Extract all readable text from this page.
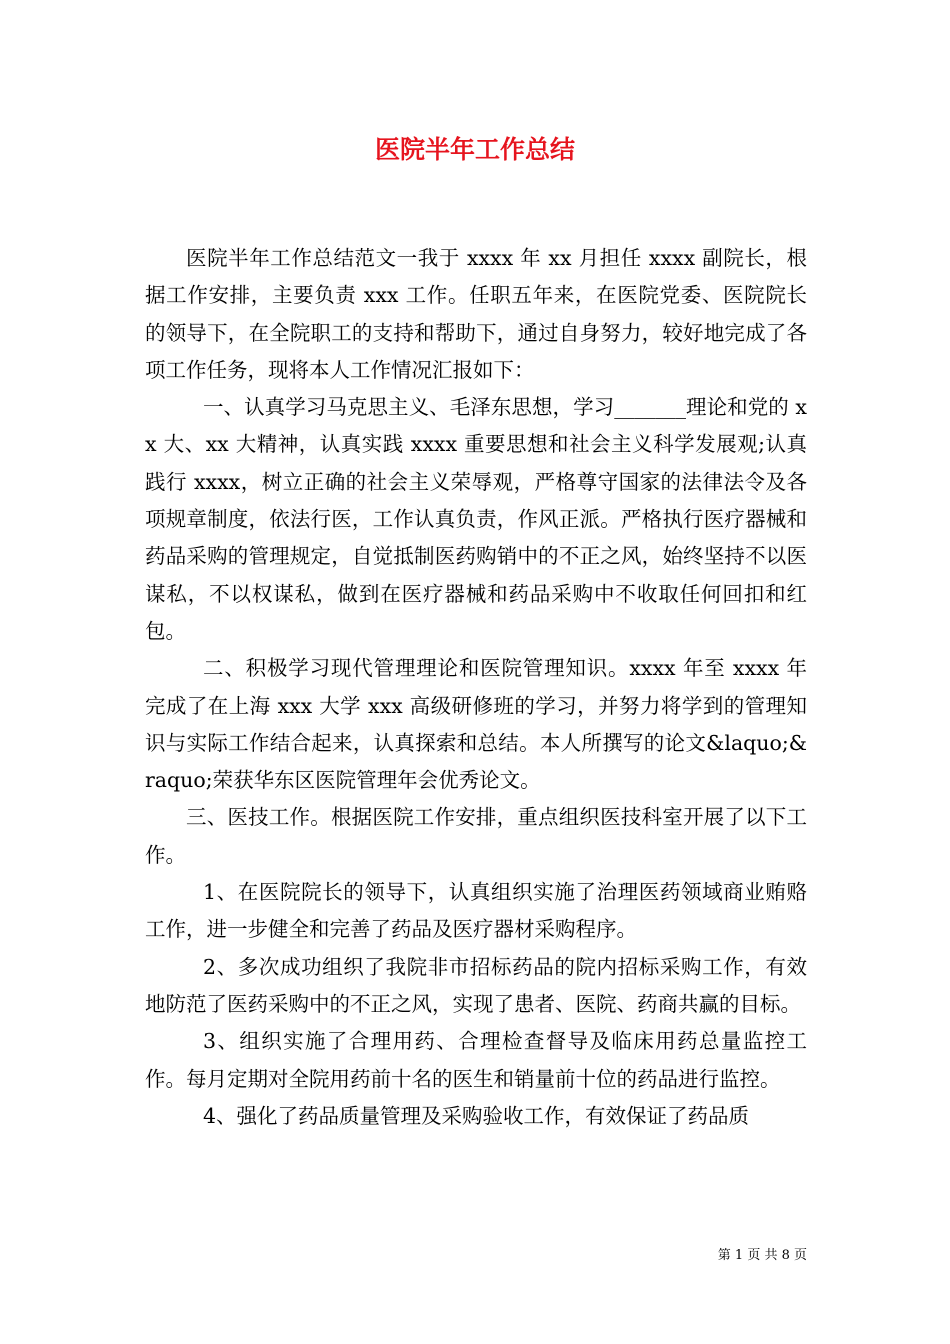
医院半年工作总结

医院半年工作总结范文一我于 xxxx 年 xx 月担任 xxxx 副院长，根据工作安排，主要负责 xxx 工作。任职五年来，在医院党委、医院院长的领导下，在全院职工的支持和帮助下，通过自身努力，较好地完成了各项工作任务，现将本人工作情况汇报如下：

一、认真学习马克思主义、毛泽东思想，学习_______理论和党的 xx 大、xx 大精神，认真实践 xxxx 重要思想和社会主义科学发展观;认真践行 xxxx，树立正确的社会主义荣辱观，严格尊守国家的法律法令及各项规章制度，依法行医，工作认真负责，作风正派。严格执行医疗器械和药品采购的管理规定，自觉抵制医药购销中的不正之风，始终坚持不以医谋私，不以权谋私，做到在医疗器械和药品采购中不收取任何回扣和红包。

二、积极学习现代管理理论和医院管理知识。xxxx 年至 xxxx 年完成了在上海 xxx 大学 xxx 高级研修班的学习，并努力将学到的管理知识与实际工作结合起来，认真探索和总结。本人所撰写的论文&laquo;&raquo;荣获华东区医院管理年会优秀论文。

三、医技工作。根据医院工作安排，重点组织医技科室开展了以下工作。

1、在医院院长的领导下，认真组织实施了治理医药领域商业贿赂工作，进一步健全和完善了药品及医疗器材采购程序。

2、多次成功组织了我院非市招标药品的院内招标采购工作，有效地防范了医药采购中的不正之风，实现了患者、医院、药商共赢的目标。

3、组织实施了合理用药、合理检查督导及临床用药总量监控工作。每月定期对全院用药前十名的医生和销量前十位的药品进行监控。

4、强化了药品质量管理及采购验收工作，有效保证了药品质

第 1 页 共 8 页
